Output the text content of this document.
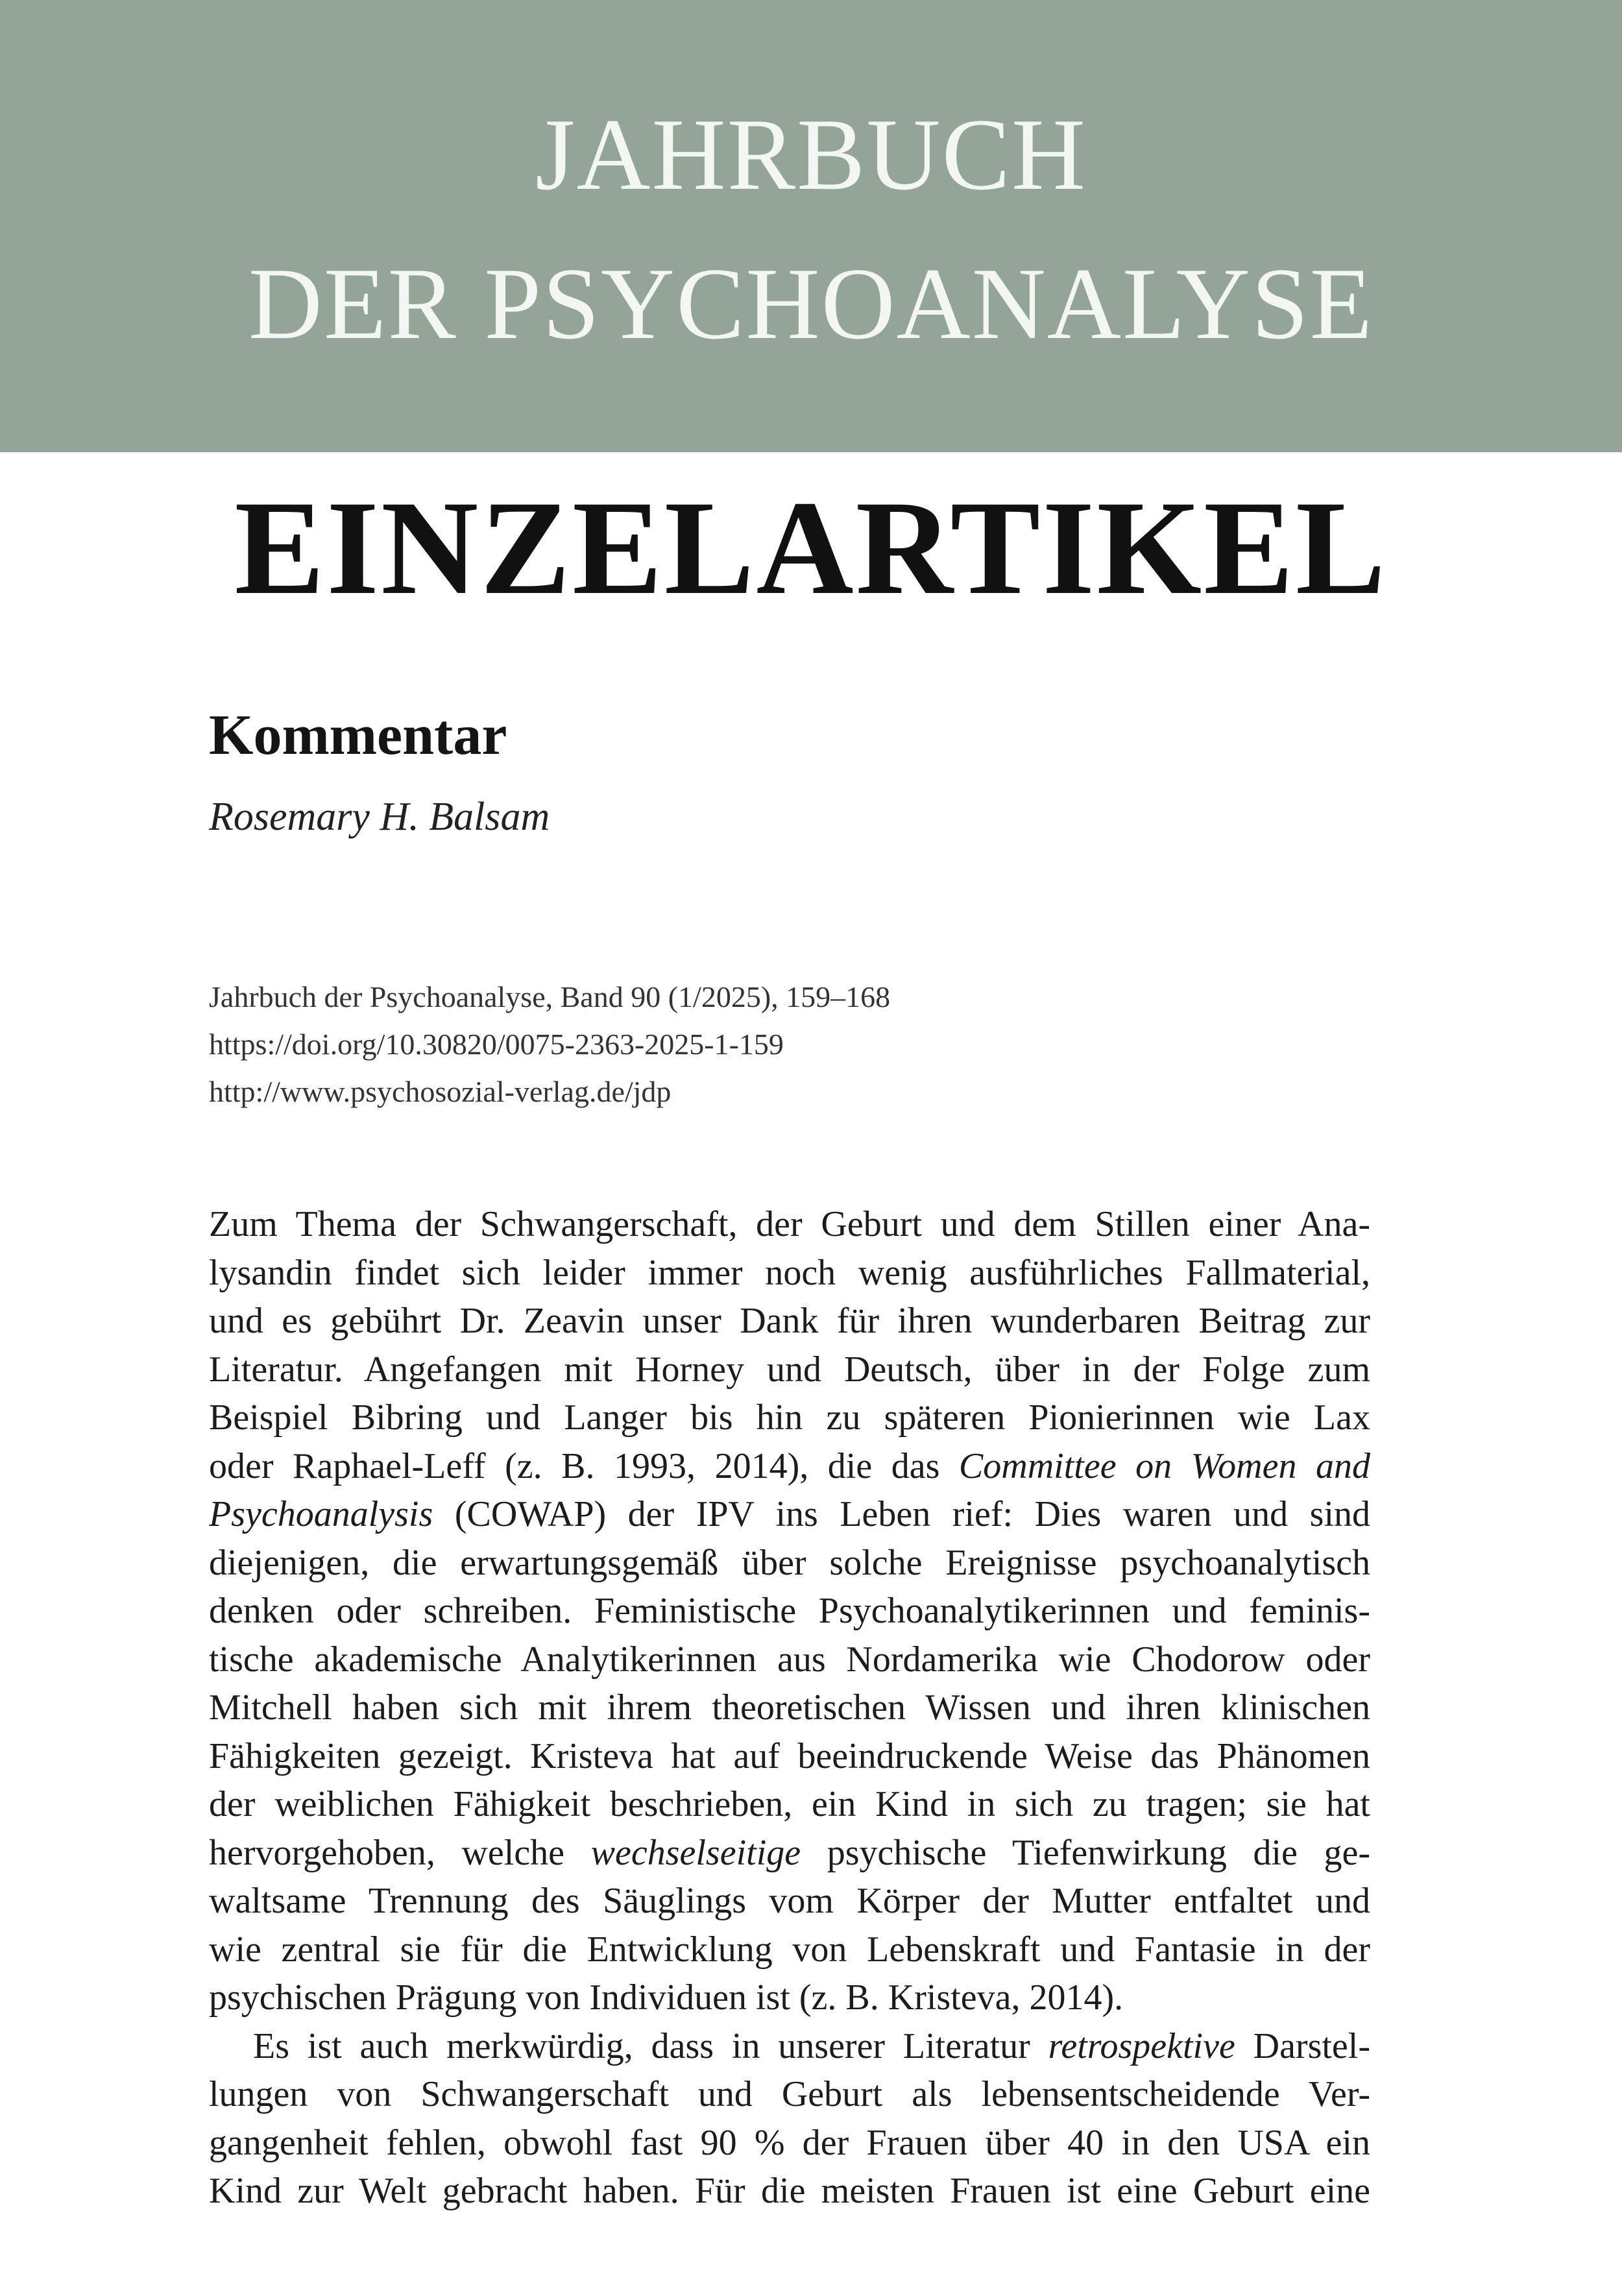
JAHRBUCH
DER PSYCHOANALYSE
EINZELARTIKEL
Kommentar
Rosemary H. Balsam
Jahrbuch der Psychoanalyse, Band 90 (1/2025), 159–168
https://doi.org/10.30820/0075-2363-2025-1-159
http://www.psychosozial-verlag.de/jdp
Zum Thema der Schwangerschaft, der Geburt und dem Stillen einer Ana-
lysandin findet sich leider immer noch wenig ausführliches Fallmaterial,
und es gebührt Dr. Zeavin unser Dank für ihren wunderbaren Beitrag zur
Literatur. Angefangen mit Horney und Deutsch, über in der Folge zum
Beispiel Bibring und Langer bis hin zu späteren Pionierinnen wie Lax
oder Raphael-Leff (z. B. 1993, 2014), die das Committee on Women and
Psychoanalysis (COWAP) der IPV ins Leben rief: Dies waren und sind
diejenigen, die erwartungsgemäß über solche Ereignisse psychoanalytisch
denken oder schreiben. Feministische Psychoanalytikerinnen und feminis-
tische akademische Analytikerinnen aus Nordamerika wie Chodorow oder
Mitchell haben sich mit ihrem theoretischen Wissen und ihren klinischen
Fähigkeiten gezeigt. Kristeva hat auf beeindruckende Weise das Phänomen
der weiblichen Fähigkeit beschrieben, ein Kind in sich zu tragen; sie hat
hervorgehoben, welche wechselseitige psychische Tiefenwirkung die ge-
waltsame Trennung des Säuglings vom Körper der Mutter entfaltet und
wie zentral sie für die Entwicklung von Lebenskraft und Fantasie in der
psychischen Prägung von Individuen ist (z. B. Kristeva, 2014).
Es ist auch merkwürdig, dass in unserer Literatur retrospektive Darstel-
lungen von Schwangerschaft und Geburt als lebensentscheidende Ver-
gangenheit fehlen, obwohl fast 90 % der Frauen über 40 in den USA ein
Kind zur Welt gebracht haben. Für die meisten Frauen ist eine Geburt eine
